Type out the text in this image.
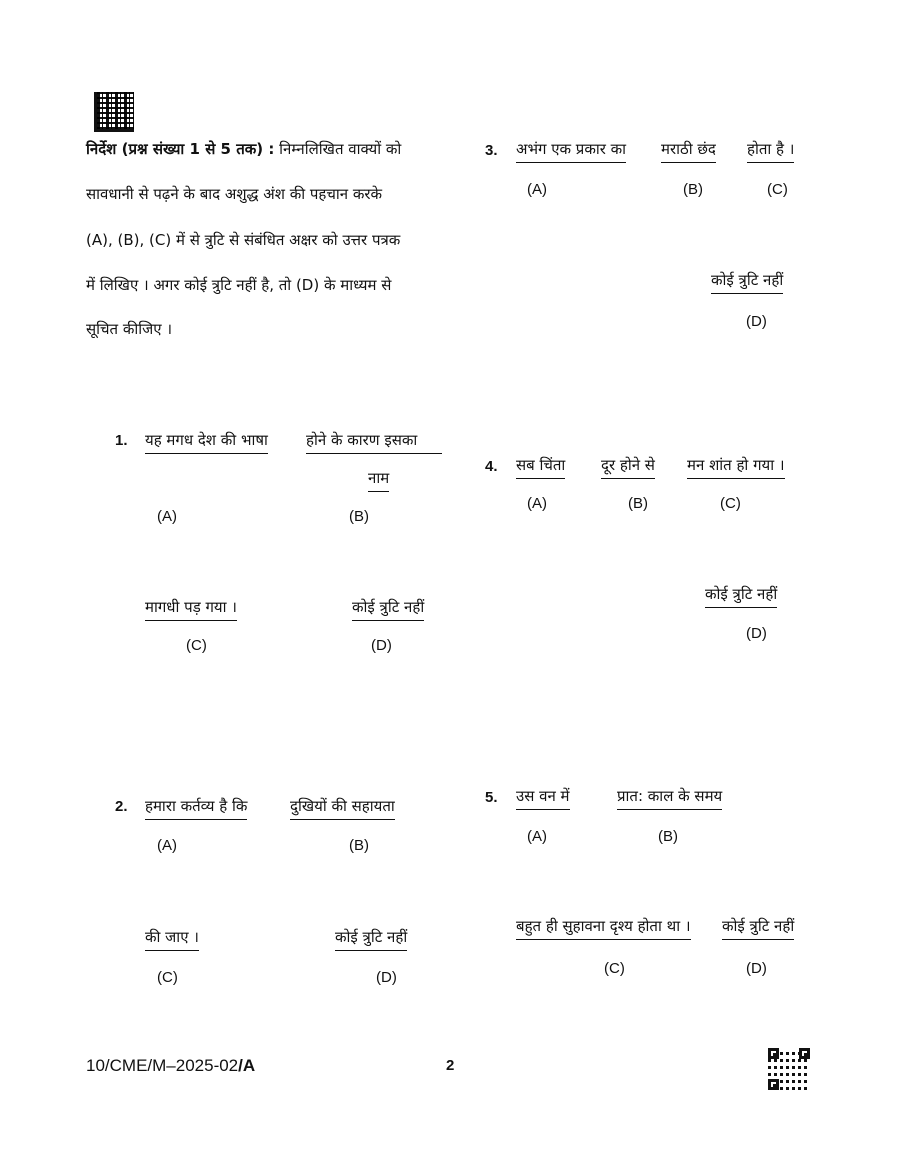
निर्देश (प्रश्न संख्या 1 से 5 तक) : निम्नलिखित वाक्यों को
सावधानी से पढ़ने के बाद अशुद्ध अंश की पहचान करके
(A), (B), (C) में से त्रुटि से संबंधित अक्षर को उत्तर पत्रक
में लिखिए । अगर कोई त्रुटि नहीं है, तो (D) के माध्यम से
सूचित कीजिए ।
1. यह मगध देश की भाषा	होने के कारण इसका
नाम
(A)	(B)
मागधी पड़ गया ।	कोई त्रुटि नहीं
(C)	(D)
2. हमारा कर्तव्य है कि	दुखियों की सहायता
(A)	(B)
की जाए ।	कोई त्रुटि नहीं
(C)	(D)
3. अभंग एक प्रकार का मराठी छंद होता है ।
(A)	(B)	(C)
कोई त्रुटि नहीं
(D)
4. सब चिंता दूर होने से मन शांत हो गया ।
(A)	(B)	(C)
कोई त्रुटि नहीं
(D)
5. उस वन में	प्रात: काल के समय
(A)	(B)
बहुत ही सुहावना दृश्य होता था । कोई त्रुटि नहीं
(C)	(D)
10/CME/M–2025-02/A	2
